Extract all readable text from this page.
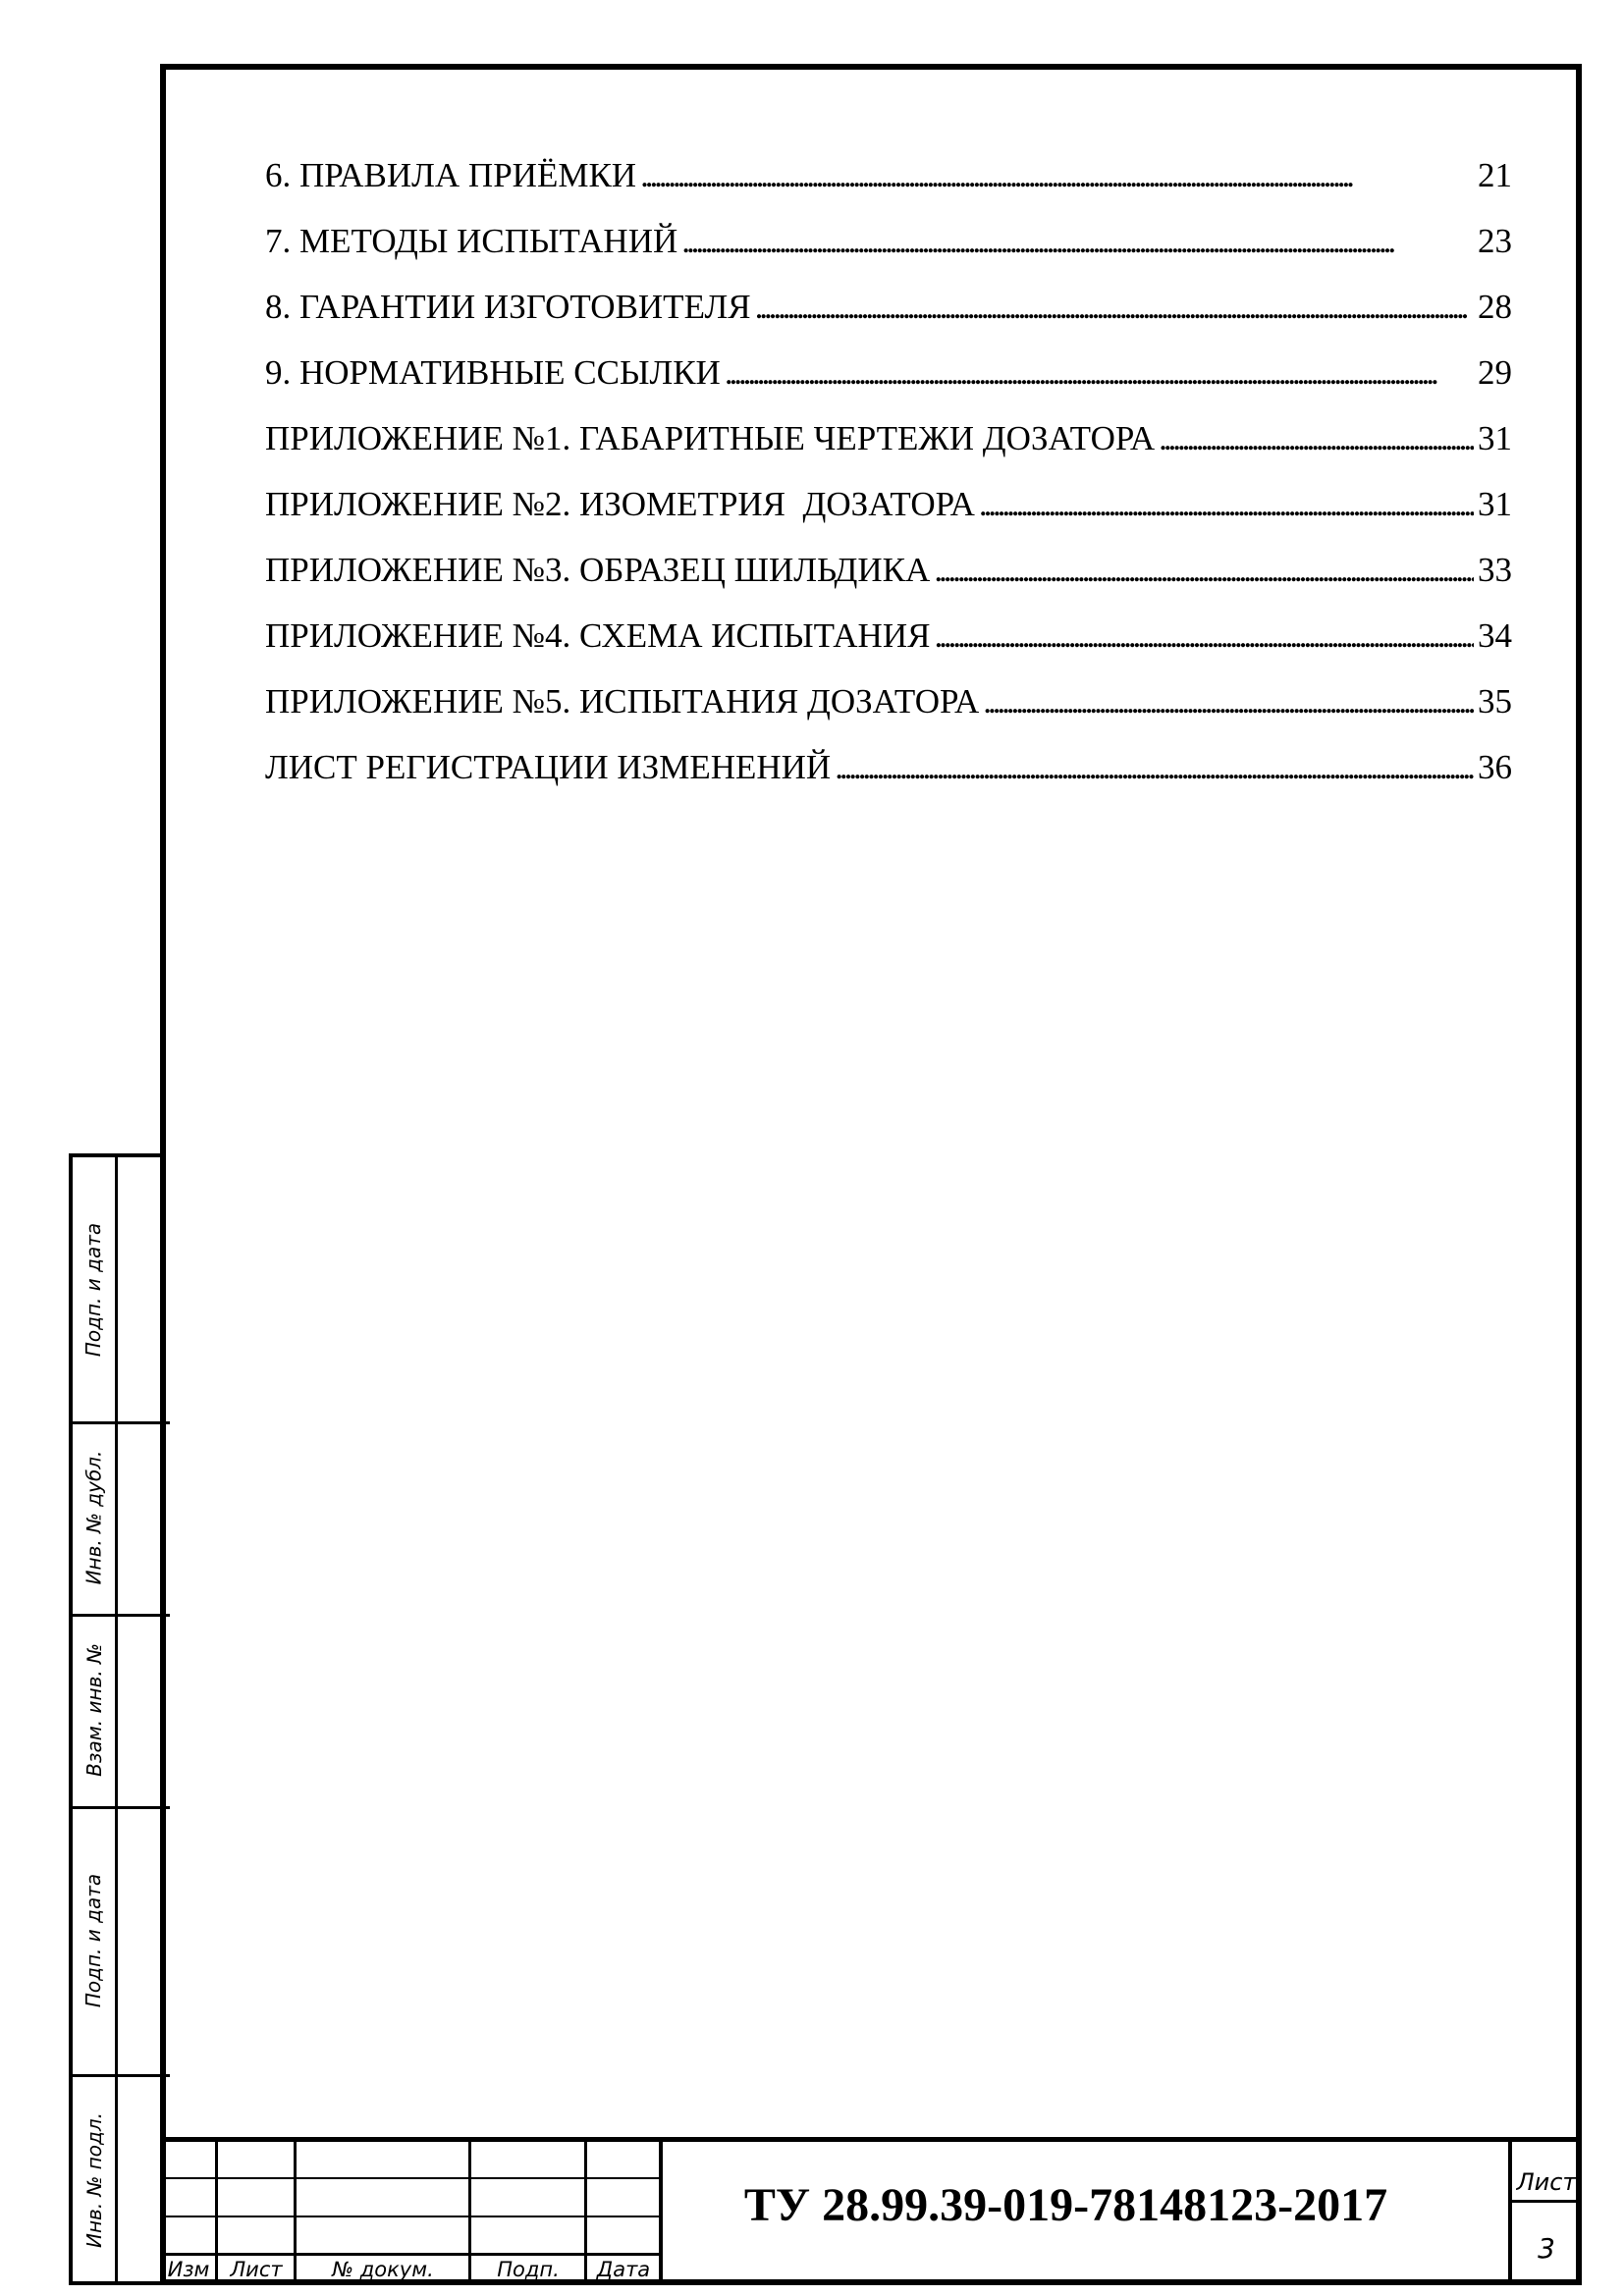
6. ПРАВИЛА ПРИЁМКИ . . .	21
7. МЕТОДЫ ИСПЫТАНИЙ . . .	23
8. ГАРАНТИИ ИЗГОТОВИТЕЛЯ . . .	28
9. НОРМАТИВНЫЕ ССЫЛКИ . . .	29
ПРИЛОЖЕНИЕ №1. ГАБАРИТНЫЕ ЧЕРТЕЖИ ДОЗАТОРА . . .	31
ПРИЛОЖЕНИЕ №2. ИЗОМЕТРИЯ  ДОЗАТОРА . . .	31
ПРИЛОЖЕНИЕ №3. ОБРАЗЕЦ ШИЛЬДИКА . . .	33
ПРИЛОЖЕНИЕ №4. СХЕМА ИСПЫТАНИЯ . . .	34
ПРИЛОЖЕНИЕ №5. ИСПЫТАНИЯ ДОЗАТОРА . . .	35
ЛИСТ РЕГИСТРАЦИИ ИЗМЕНЕНИЙ . . .	36
Подп. и дата
Инв. № дубл.
Взам. инв. №
Подп. и дата
Инв. № подл.
Изм	Лист	№ докум.	Подп.	Дата
ТУ 28.99.39-019-78148123-2017	Лист
3
